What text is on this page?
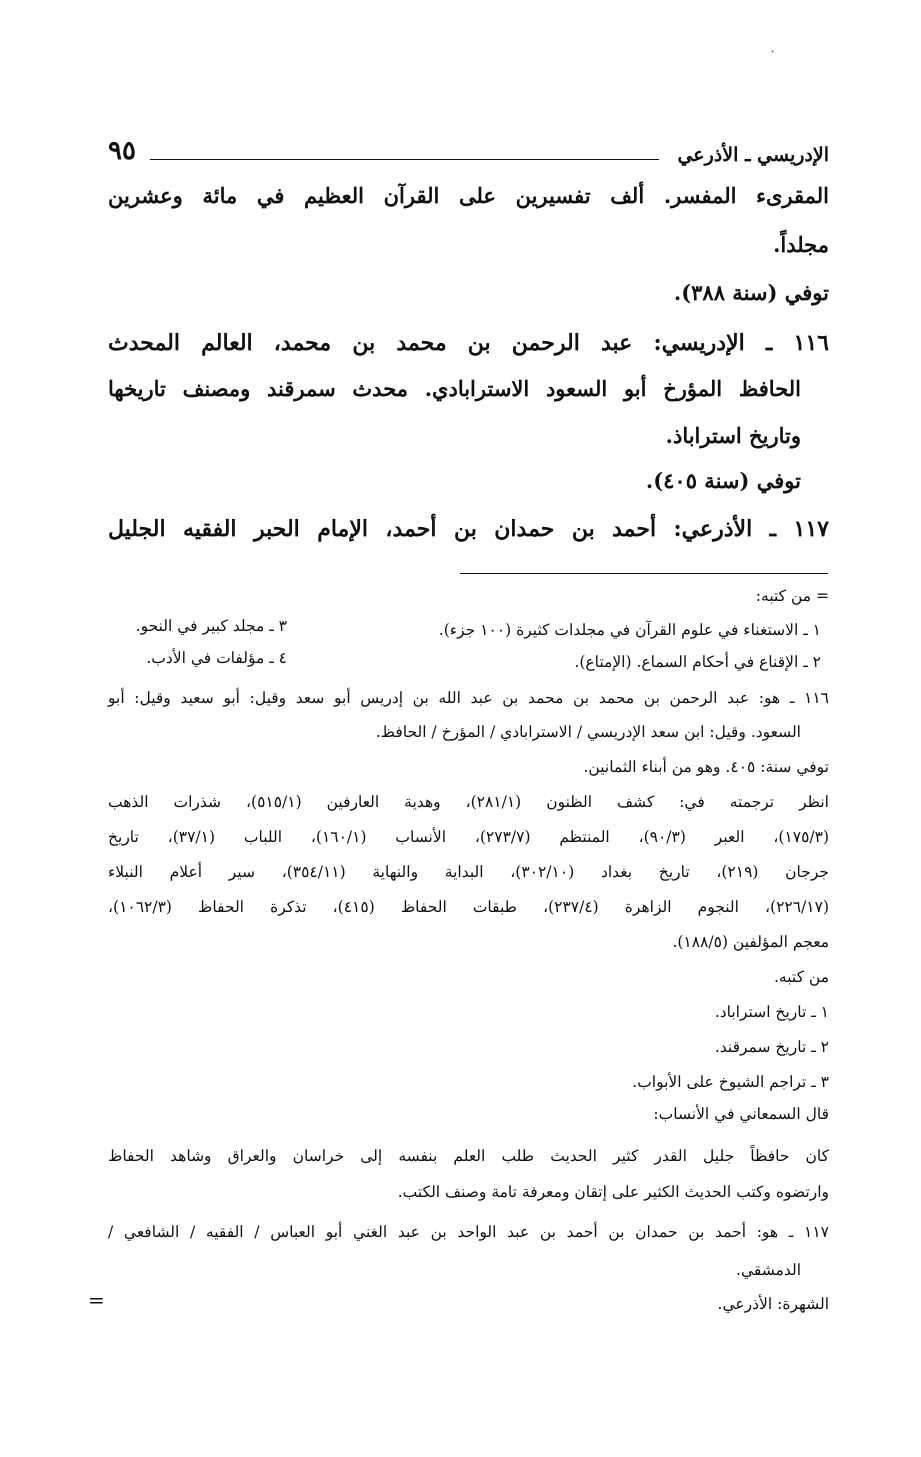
الإدريسي ـ الأذرعي
٩٥
·
المقرىء المفسر. ألف تفسيرين على القرآن العظيم في مائة وعشرين
مجلداً.
توفي (سنة ٣٨٨).
١١٦ ـ الإدريسي: عبد الرحمن بن محمد بن محمد، العالم المحدث
الحافظ المؤرخ أبو السعود الاسترابادي. محدث سمرقند ومصنف تاريخها
وتاريخ استراباذ.
توفي (سنة ٤٠٥).
١١٧ ـ الأذرعي: أحمد بن حمدان بن أحمد، الإمام الحبر الفقيه الجليل
= من كتبه:
١ ـ الاستغناء في علوم القرآن في مجلدات كثيرة (١٠٠ جزء).
٣ ـ مجلد كبير في النحو.
٢ ـ الإقناع في أحكام السماع. (الإمتاع).
٤ ـ مؤلفات في الأدب.
١١٦ ـ هو: عبد الرحمن بن محمد بن محمد بن عبد الله بن إدريس أبو سعد وقيل: أبو سعيد وقيل: أبو
السعود. وقيل: ابن سعد الإدريسي / الاسترابادي / المؤرخ / الحافظ.
توفي سنة: ٤٠٥. وهو من أبناء الثمانين.
انظر ترجمته في: كشف الظنون (٢٨١/١)، وهدية العارفين (٥١٥/١)، شذرات الذهب
(١٧٥/٣)، العبر (٩٠/٣)، المنتظم (٢٧٣/٧)، الأنساب (١٦٠/١)، اللباب (٣٧/١)، تاريخ
جرجان (٢١٩)، تاريخ بغداد (٣٠٢/١٠)، البداية والنهاية (٣٥٤/١١)، سير أعلام النبلاء
(٢٢٦/١٧)، النجوم الزاهرة (٢٣٧/٤)، طبقات الحفاظ (٤١٥)، تذكرة الحفاظ (١٠٦٢/٣)،
معجم المؤلفين (١٨٨/٥).
من كتبه.
١ ـ تاريخ استراباد.
٢ ـ تاريخ سمرقند.
٣ ـ تراجم الشيوخ على الأبواب.
قال السمعاني في الأنساب:
كان حافظاً جليل القدر كثير الحديث طلب العلم بنفسه إلى خراسان والعراق وشاهد الحفاظ
وارتضوه وكتب الحديث الكثير على إتقان ومعرفة تامة وصنف الكتب.
١١٧ ـ هو: أحمد بن حمدان بن أحمد بن عبد الواحد بن عبد الغني أبو العباس / الفقيه / الشافعي /
الدمشقي.
الشهرة: الأذرعي.
=
